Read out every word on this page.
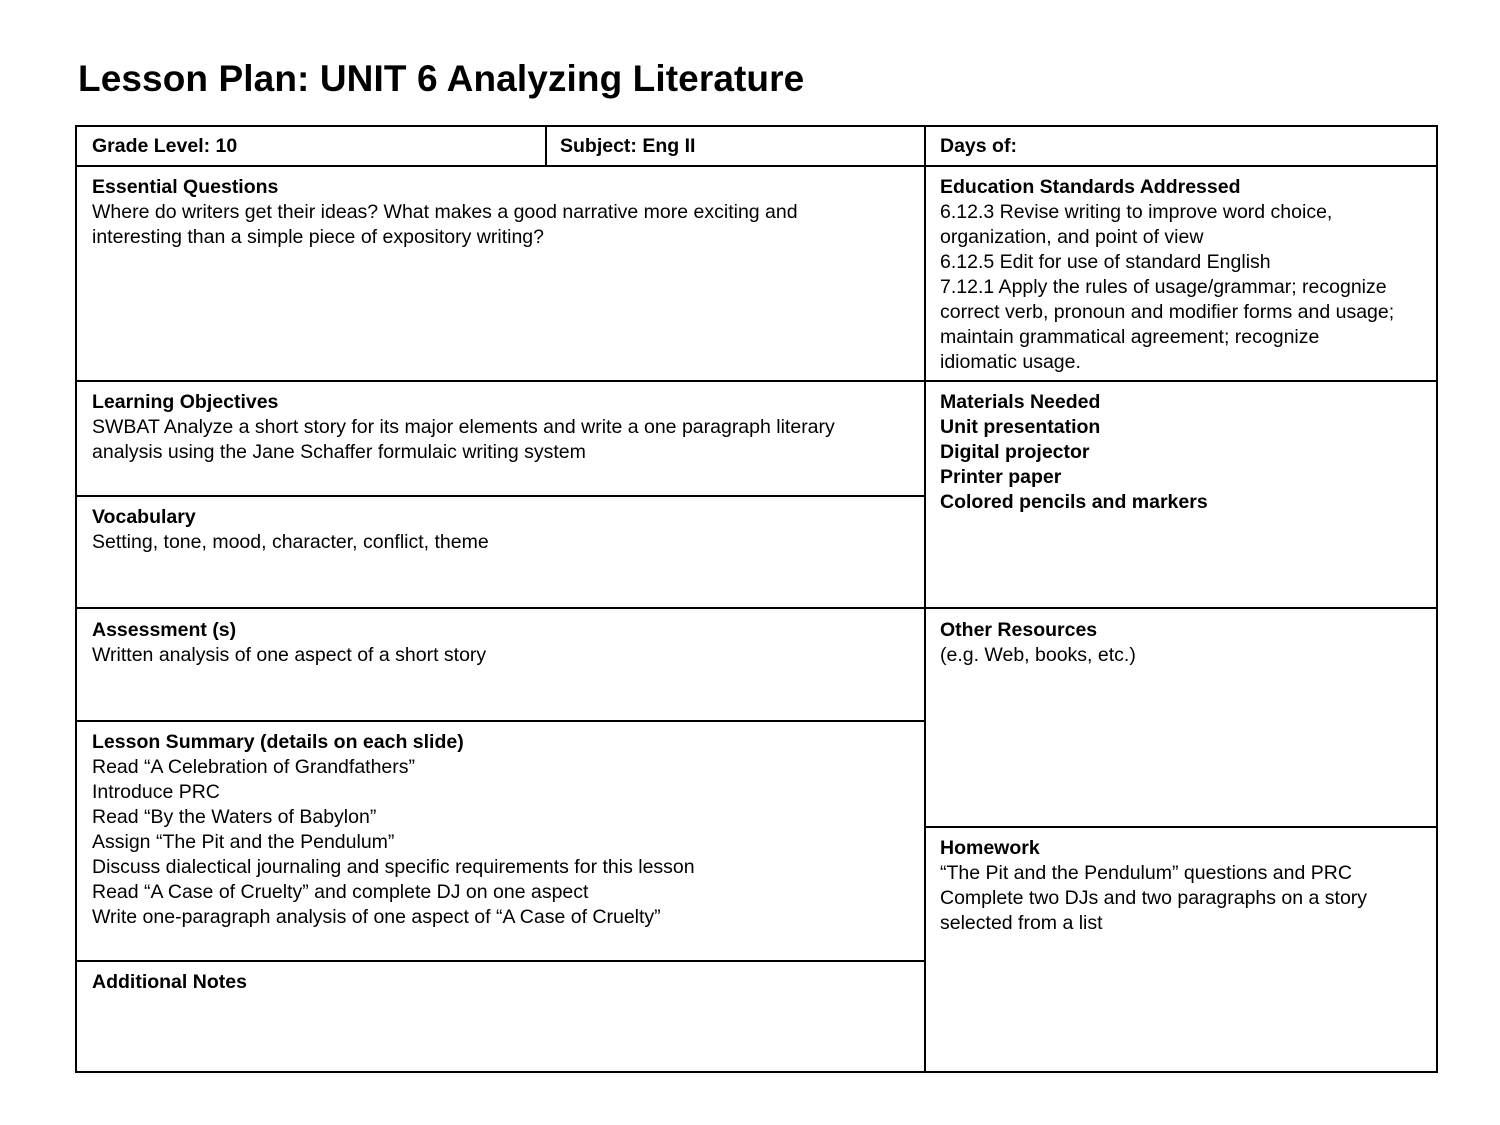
Lesson Plan: UNIT 6 Analyzing Literature
Grade Level: 10	Subject: Eng II	Days of:
Essential Questions
Where do writers get their ideas? What makes a good narrative more exciting and interesting than a simple piece of expository writing?
Education Standards Addressed
6.12.3 Revise writing to improve word choice,
organization, and point of view
6.12.5 Edit for use of standard English
7.12.1 Apply the rules of usage/grammar; recognize
correct verb, pronoun and modifier forms and usage;
maintain grammatical agreement; recognize
idiomatic usage.
Learning Objectives
SWBAT Analyze a short story for its major elements and write a one paragraph literary analysis using the Jane Schaffer formulaic writing system
Materials Needed
Unit presentation
Digital projector
Printer paper
Colored pencils and markers
Vocabulary
Setting, tone, mood, character, conflict, theme
Assessment (s)
Written analysis of one aspect of a short story
Other Resources
(e.g. Web, books, etc.)
Lesson Summary (details on each slide)
Read “A Celebration of Grandfathers”
Introduce PRC
Read “By the Waters of Babylon”
Assign “The Pit and the Pendulum”
Discuss dialectical journaling and specific requirements for this lesson
Read “A Case of Cruelty” and complete DJ on one aspect
Write one-paragraph analysis of one aspect of “A Case of Cruelty”
Homework
“The Pit and the Pendulum” questions and PRC
Complete two DJs and two paragraphs on a story
selected from a list
Additional Notes
